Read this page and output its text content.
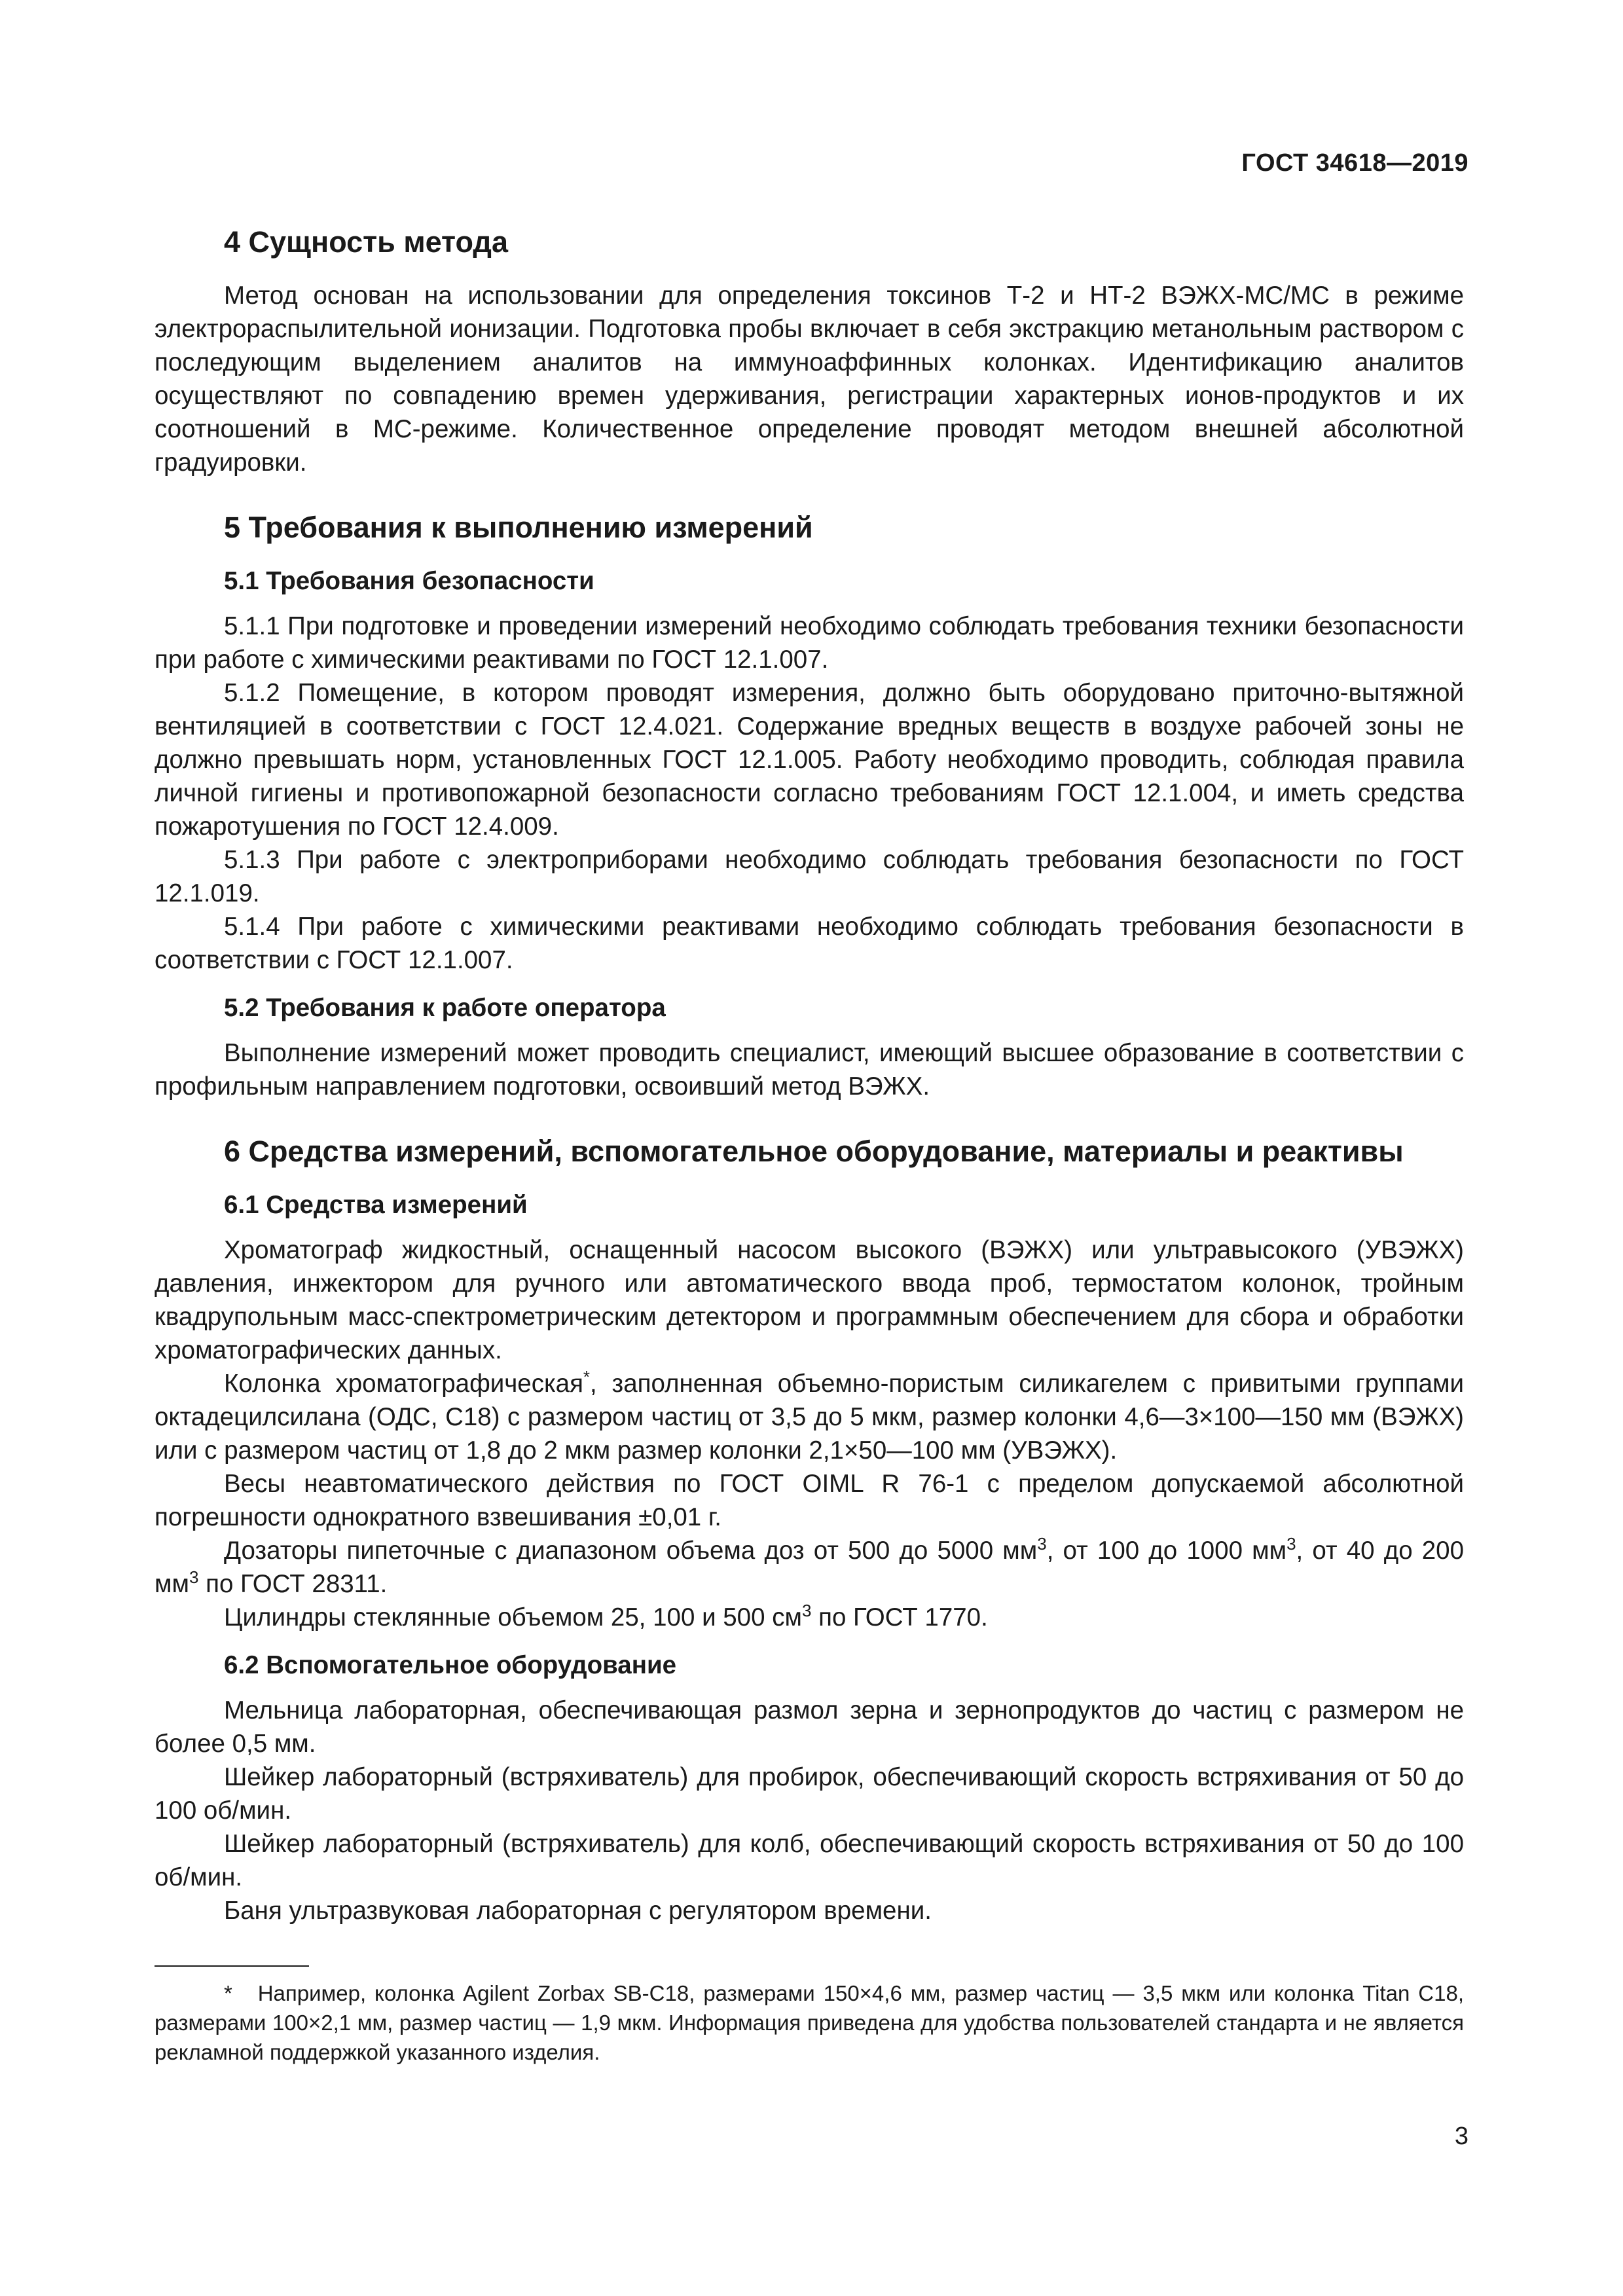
ГОСТ 34618—2019
4 Сущность метода

Метод основан на использовании для определения токсинов Т-2 и НТ-2 ВЭЖХ-МС/МС в режиме электрораспылительной ионизации. Подготовка пробы включает в себя экстракцию метанольным раствором с последующим выделением аналитов на иммуноаффинных колонках. Идентификацию аналитов осуществляют по совпадению времен удерживания, регистрации характерных ионов-продуктов и их соотношений в МС-режиме. Количественное определение проводят методом внешней абсолютной градуировки.

5 Требования к выполнению измерений
5.1 Требования безопасности

5.1.1 При подготовке и проведении измерений необходимо соблюдать требования техники безопасности при работе с химическими реактивами по ГОСТ 12.1.007.

5.1.2 Помещение, в котором проводят измерения, должно быть оборудовано приточно-вытяжной вентиляцией в соответствии с ГОСТ 12.4.021. Содержание вредных веществ в воздухе рабочей зоны не должно превышать норм, установленных ГОСТ 12.1.005. Работу необходимо проводить, соблюдая правила личной гигиены и противопожарной безопасности согласно требованиям ГОСТ 12.1.004, и иметь средства пожаротушения по ГОСТ 12.4.009.

5.1.3 При работе с электроприборами необходимо соблюдать требования безопасности по ГОСТ 12.1.019.

5.1.4 При работе с химическими реактивами необходимо соблюдать требования безопасности в соответствии с ГОСТ 12.1.007.

5.2 Требования к работе оператора

Выполнение измерений может проводить специалист, имеющий высшее образование в соответствии с профильным направлением подготовки, освоивший метод ВЭЖХ.

6 Средства измерений, вспомогательное оборудование, материалы и реактивы
6.1 Средства измерений

Хроматограф жидкостный, оснащенный насосом высокого (ВЭЖХ) или ультравысокого (УВЭЖХ) давления, инжектором для ручного или автоматического ввода проб, термостатом колонок, тройным квадрупольным масс-спектрометрическим детектором и программным обеспечением для сбора и обработки хроматографических данных.

Колонка хроматографическая*, заполненная объемно-пористым силикагелем с привитыми группами октадецилсилана (ОДС, С18) с размером частиц от 3,5 до 5 мкм, размер колонки 4,6—3×100—150 мм (ВЭЖХ) или с размером частиц от 1,8 до 2 мкм размер колонки 2,1×50—100 мм (УВЭЖХ).

Весы неавтоматического действия по ГОСТ OIML R 76-1 с пределом допускаемой абсолютной погрешности однократного взвешивания ±0,01 г.

Дозаторы пипеточные с диапазоном объема доз от 500 до 5000 $мм^3$, от 100 до 1000 $мм^3$, от 40 до 200 $мм^3$ по ГОСТ 28311.

Цилиндры стеклянные объемом 25, 100 и 500 $см^3$ по ГОСТ 1770.

6.2 Вспомогательное оборудование

Мельница лабораторная, обеспечивающая размол зерна и зернопродуктов до частиц с размером не более 0,5 мм.

Шейкер лабораторный (встряхиватель) для пробирок, обеспечивающий скорость встряхивания от 50 до 100 об/мин.

Шейкер лабораторный (встряхиватель) для колб, обеспечивающий скорость встряхивания от 50 до 100 об/мин.

Баня ультразвуковая лабораторная с регулятором времени.

* Например, колонка Agilent Zorbax SB-C18, размерами 150×4,6 мм, размер частиц — 3,5 мкм или колонка Titan C18, размерами 100×2,1 мм, размер частиц — 1,9 мкм. Информация приведена для удобства пользователей стандарта и не является рекламной поддержкой указанного изделия.
3
